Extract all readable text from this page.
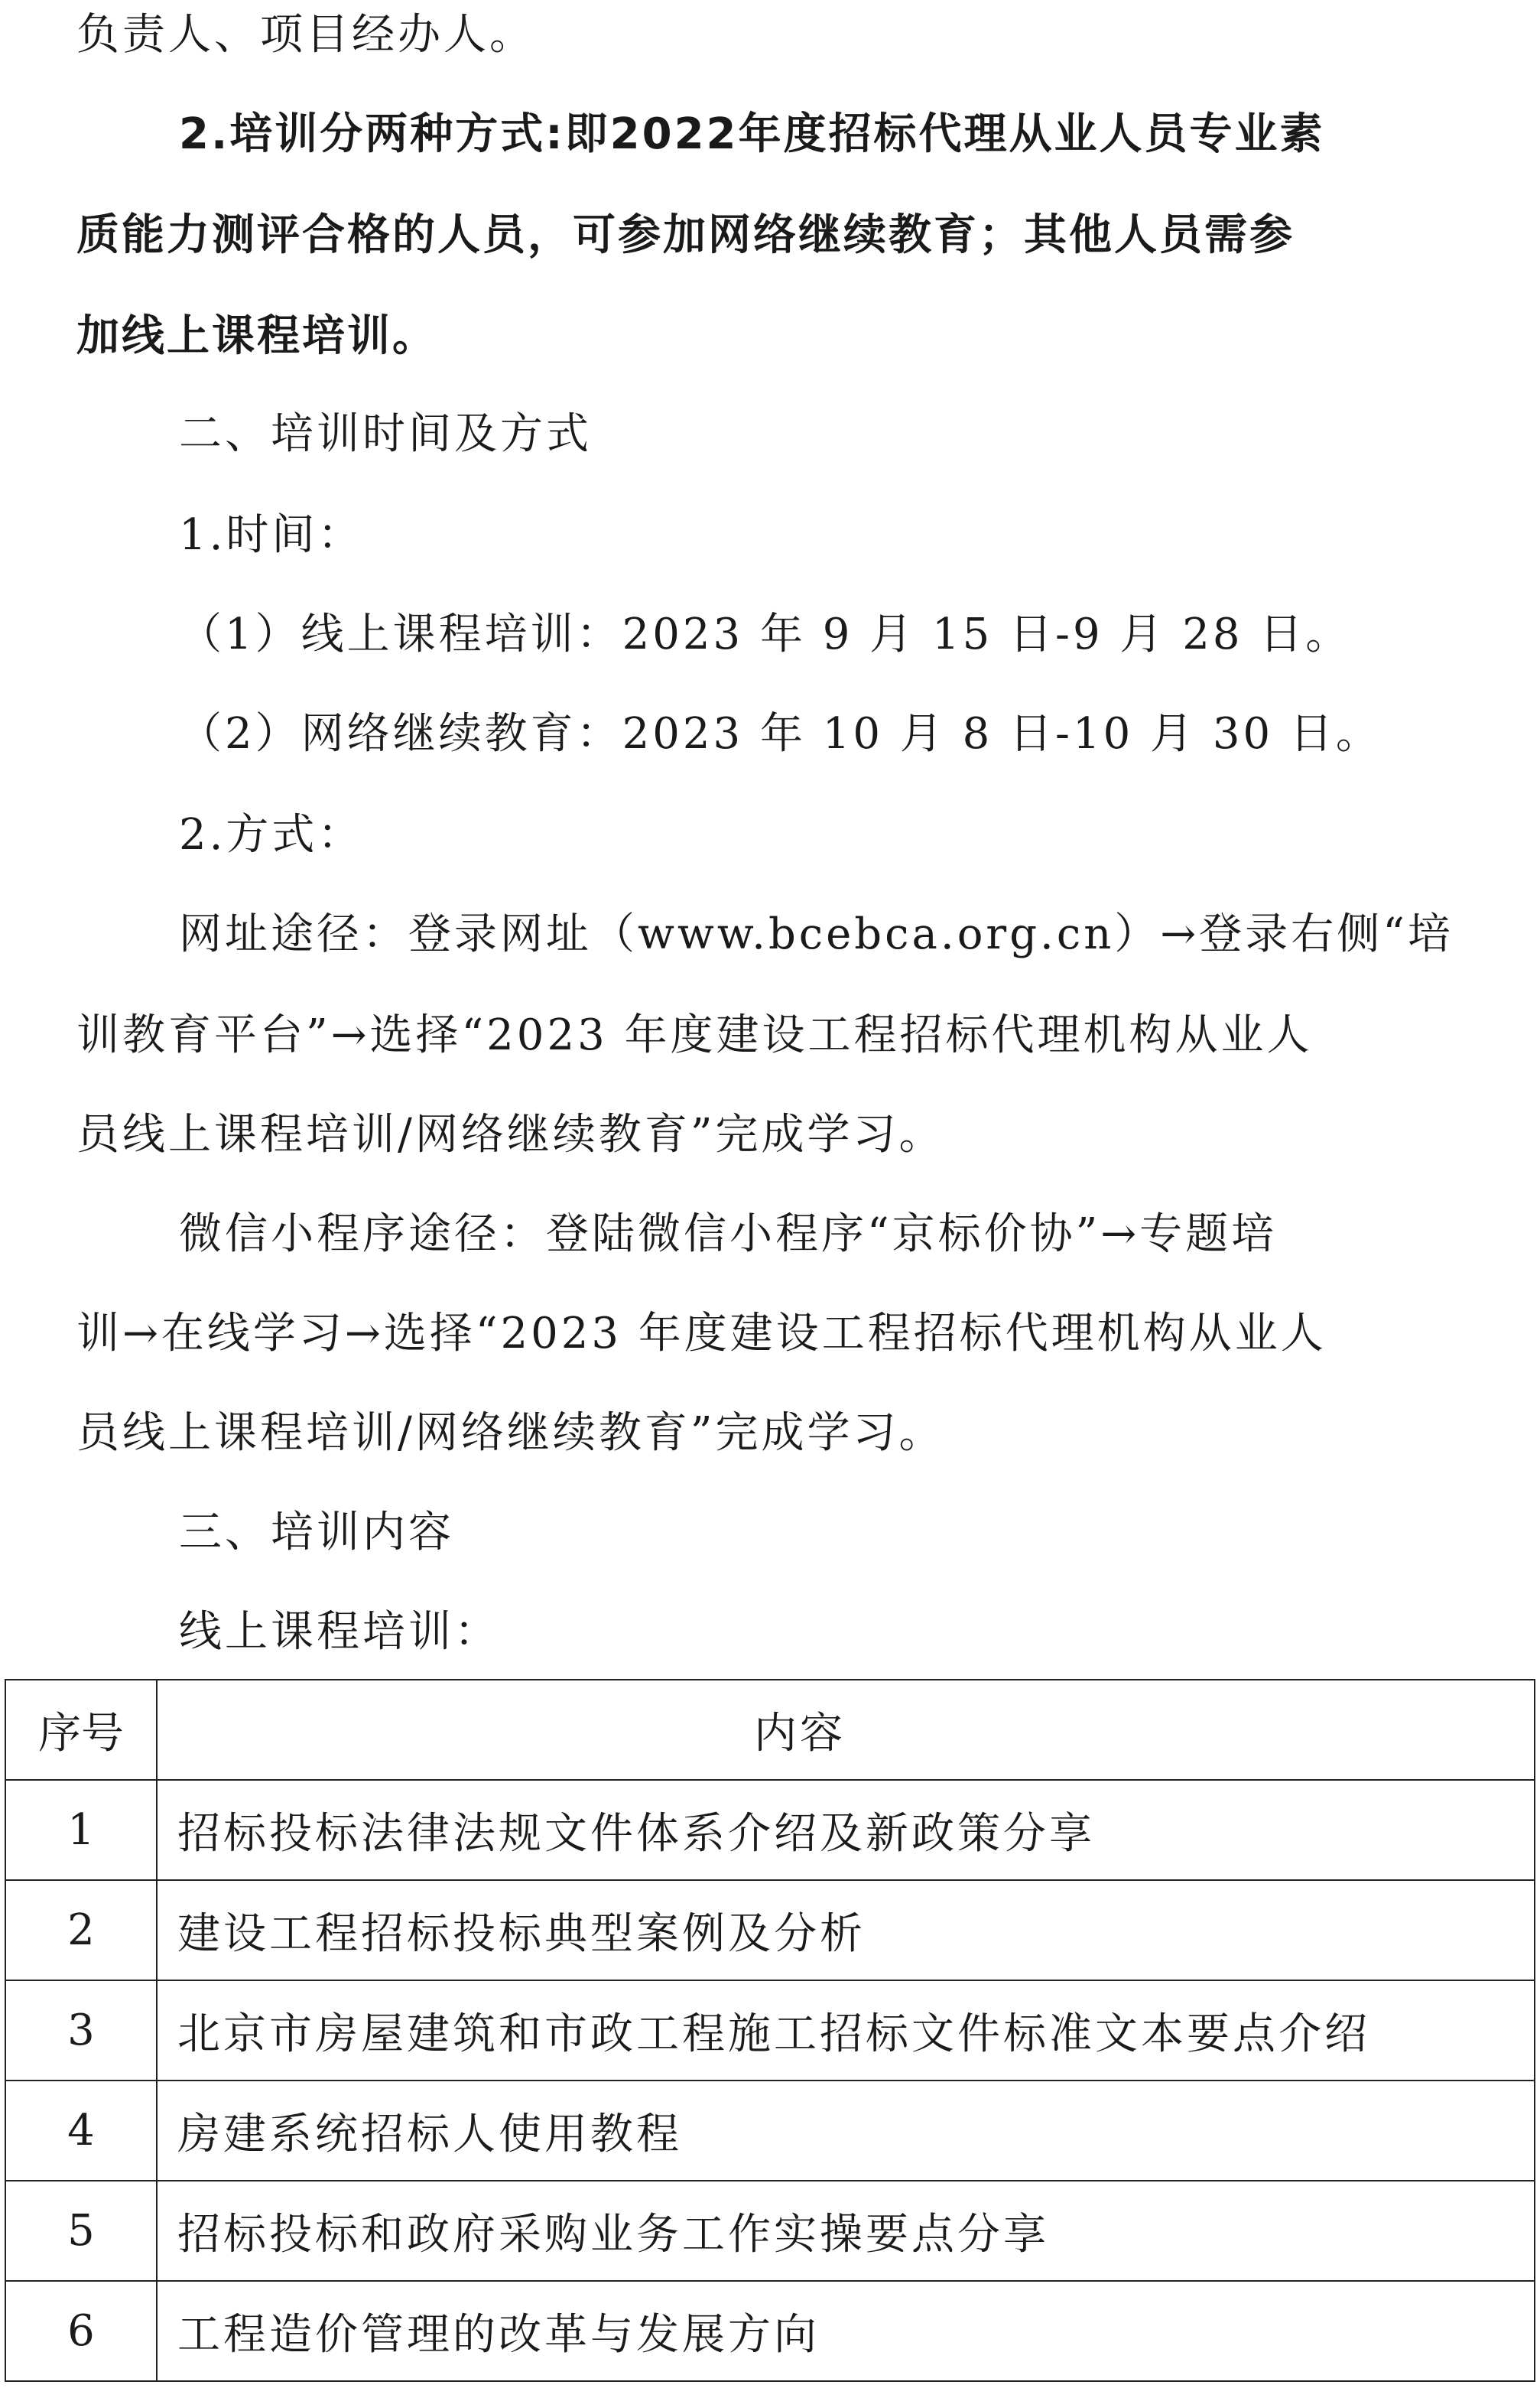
负责人、项目经办人。
2.培训分两种方式:即2022年度招标代理从业人员专业素
质能力测评合格的人员，可参加网络继续教育；其他人员需参
加线上课程培训。
二、培训时间及方式
1.时间：
（1）线上课程培训：2023 年 9 月 15 日-9 月 28 日。
（2）网络继续教育：2023 年 10 月 8 日-10 月 30 日。
2.方式：
网址途径：登录网址（www.bcebca.org.cn）→登录右侧“培
训教育平台”→选择“2023 年度建设工程招标代理机构从业人
员线上课程培训/网络继续教育”完成学习。
微信小程序途径：登陆微信小程序“京标价协”→专题培
训→在线学习→选择“2023 年度建设工程招标代理机构从业人
员线上课程培训/网络继续教育”完成学习。
三、培训内容
线上课程培训：
序号	内容
1	招标投标法律法规文件体系介绍及新政策分享
2	建设工程招标投标典型案例及分析
3	北京市房屋建筑和市政工程施工招标文件标准文本要点介绍
4	房建系统招标人使用教程
5	招标投标和政府采购业务工作实操要点分享
6	工程造价管理的改革与发展方向
